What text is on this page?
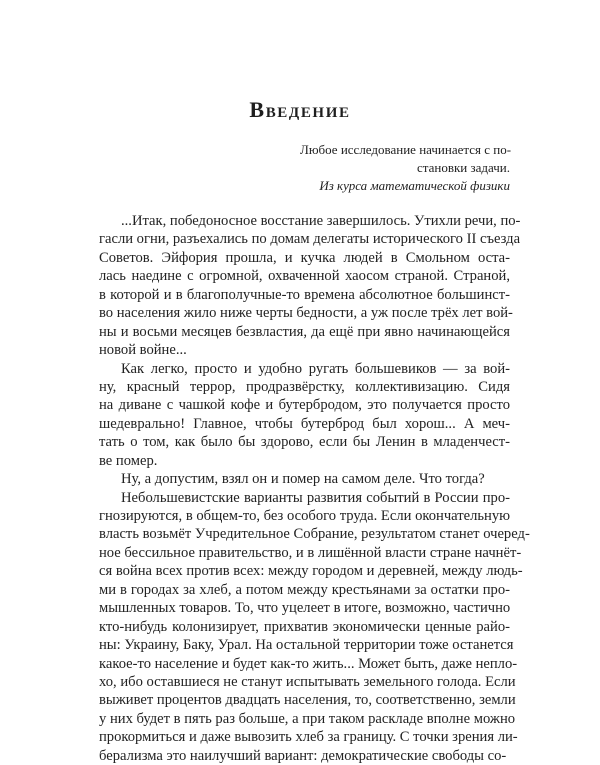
Введение
Любое исследование начинается с по-
становки задачи.
Из курса математической физики
...Итак, победоносное восстание завершилось. Утихли речи, по-
гасли огни, разъехались по домам делегаты исторического II съезда
Советов. Эйфория прошла, и кучка людей в Смольном оста-
лась наедине с огромной, охваченной хаосом страной. Страной,
в которой и в благополучные-то времена абсолютное большинст-
во населения жило ниже черты бедности, а уж после трёх лет вой-
ны и восьми месяцев безвластия, да ещё при явно начинающейся
новой войне...
Как легко, просто и удобно ругать большевиков — за вой-
ну, красный террор, продразвёрстку, коллективизацию. Сидя
на диване с чашкой кофе и бутербродом, это получается просто
шедеврально! Главное, чтобы бутерброд был хорош... А меч-
тать о том, как было бы здорово, если бы Ленин в младенчест-
ве помер.
Ну, а допустим, взял он и помер на самом деле. Что тогда?
Небольшевистские варианты развития событий в России про-
гнозируются, в общем-то, без особого труда. Если окончательную
власть возьмёт Учредительное Собрание, результатом станет очеред-
ное бессильное правительство, и в лишённой власти стране начнёт-
ся война всех против всех: между городом и деревней, между людь-
ми в городах за хлеб, а потом между крестьянами за остатки про-
мышленных товаров. То, что уцелеет в итоге, возможно, частично
кто-нибудь колонизирует, прихватив экономически ценные райо-
ны: Украину, Баку, Урал. На остальной территории тоже останется
какое-то население и будет как-то жить... Может быть, даже непло-
хо, ибо оставшиеся не станут испытывать земельного голода. Если
выживет процентов двадцать населения, то, соответственно, земли
у них будет в пять раз больше, а при таком раскладе вполне можно
прокормиться и даже вывозить хлеб за границу. С точки зрения ли-
берализма это наилучший вариант: демократические свободы со-
